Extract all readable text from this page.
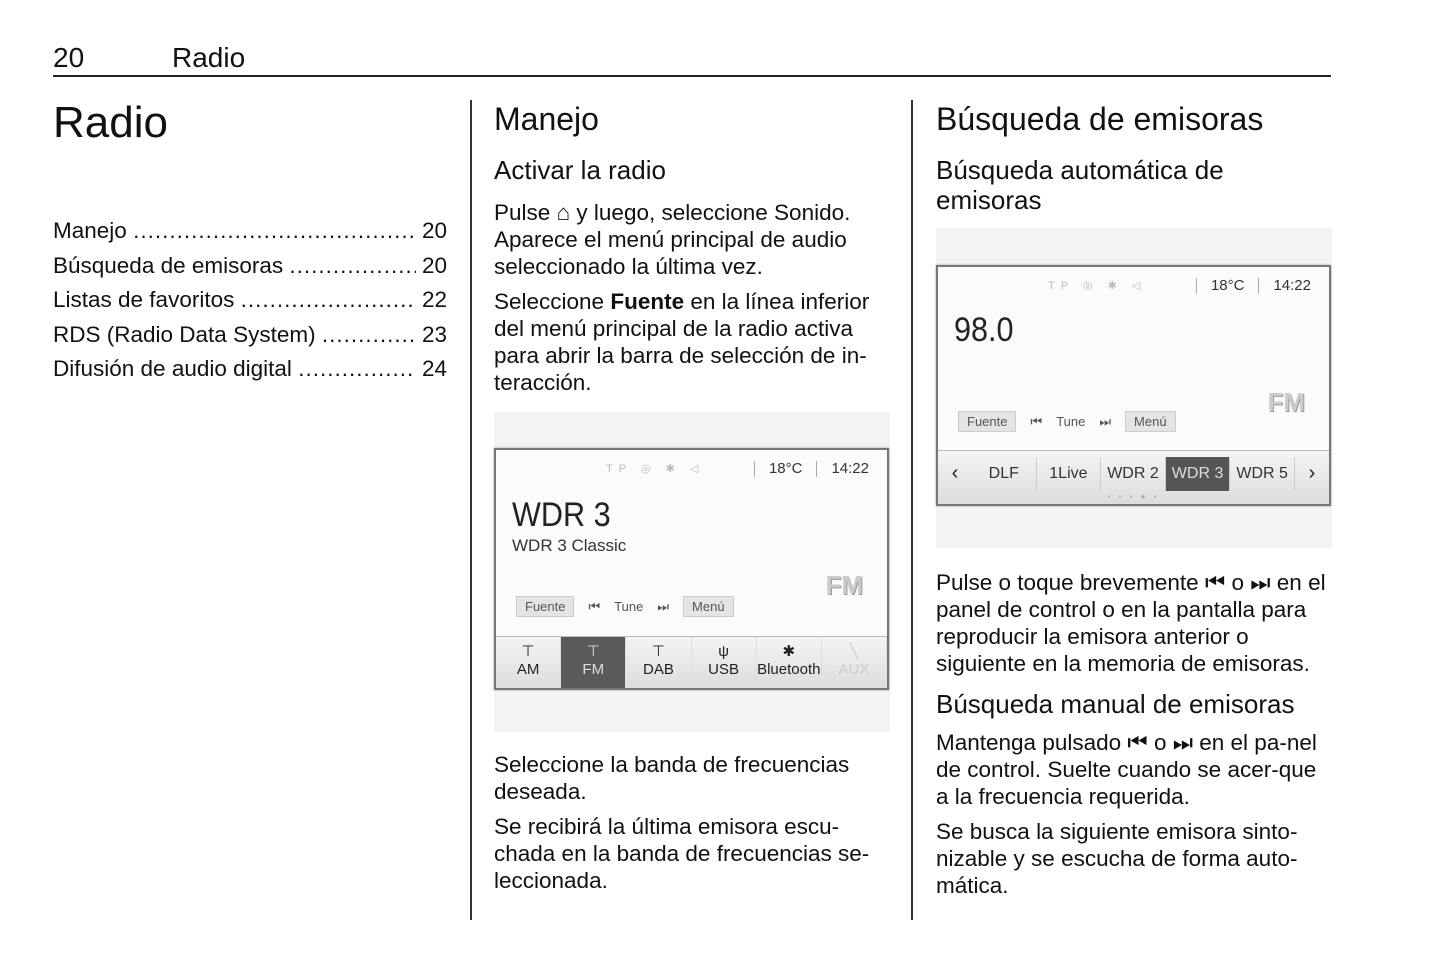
20	Radio
Radio
Manejo
.....
	20
Búsqueda de emisoras
.....
	20
Listas de favoritos
.....
	22
RDS (Radio Data System)
.....
	23
Difusión de audio digital
.....
	24
Manejo
Activar la radio

Pulse ⌂ y luego, seleccione Sonido. Aparece el menú principal de audio seleccionado la última vez.

Seleccione Fuente en la línea inferior del menú principal de la radio activa para abrir la barra de selección de in-teracción.

TP ◎ ✱ ◁	18°C 14:22
WDR 3
WDR 3 Classic
FM
Fuente	⏮ Tune ⏭	Menú
⊤
AM
⊤
FM
⊤
DAB
ψ
USB
✱
Bluetooth
╲
AUX

Seleccione la banda de frecuencias deseada.

Se recibirá la última emisora escu-chada en la banda de frecuencias se-leccionada.

Búsqueda de emisoras
Búsqueda automática de emisoras
TP ◎ ✱ ◁	18°C 14:22
98.0
FM
Fuente	⏮ Tune ⏭	Menú
‹	DLF	1Live	WDR 2 WDR 3 WDR 5	›
• • • ● •

Pulse o toque brevemente ⏮ o ⏭ en el panel de control o en la pantalla para reproducir la emisora anterior o siguiente en la memoria de emisoras.

Búsqueda manual de emisoras

Mantenga pulsado ⏮ o ⏭ en el pa-nel de control. Suelte cuando se acer-que a la frecuencia requerida.

Se busca la siguiente emisora sinto-nizable y se escucha de forma auto-mática.
